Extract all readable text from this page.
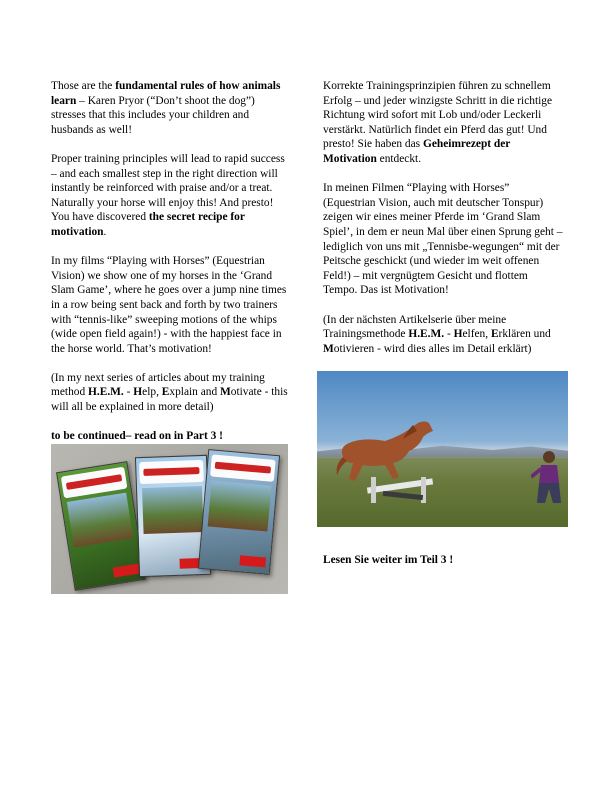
Those are the fundamental rules of how animals learn – Karen Pryor (“Don’t shoot the dog”) stresses that this includes your children and husbands as well!

Proper training principles will lead to rapid success – and each smallest step in the right direction will instantly be reinforced with praise and/or a treat. Naturally your horse will enjoy this! And presto! You have discovered the secret recipe for motivation.

In my films “Playing with Horses” (Equestrian Vision) we show one of my horses in the ‘Grand Slam Game’, where he goes over a jump nine times in a row being sent back and forth by two trainers with “tennis-like” sweeping motions of the whips (wide open field again!) - with the happiest face in the horse world. That’s motivation!

(In my next series of articles about my training method H.E.M. - Help, Explain and Motivate - this will all be explained in more detail)

to be continued– read on in Part 3 !

Korrekte Trainingsprinzipien führen zu schnellem Erfolg – und jeder winzigste Schritt in die richtige Richtung wird sofort mit Lob und/oder Leckerli verstärkt. Natürlich findet ein Pferd das gut! Und presto! Sie haben das Geheimrezept der Motivation entdeckt.

In meinen Filmen “Playing with Horses” (Equestrian Vision, auch mit deutscher Tonspur) zeigen wir eines meiner Pferde im ‘Grand Slam Spiel’, in dem er neun Mal über einen Sprung geht – lediglich von uns mit „Tennisbe-wegungen“ mit der Peitsche geschickt (und wieder im weit offenen Feld!) – mit vergnügtem Gesicht und flottem Tempo. Das ist Motivation!

(In der nächsten Artikelserie über meine Trainingsmethode H.E.M. - Helfen, Erklären und Motivieren - wird dies alles im Detail erklärt)

Lesen Sie weiter im Teil 3 !
